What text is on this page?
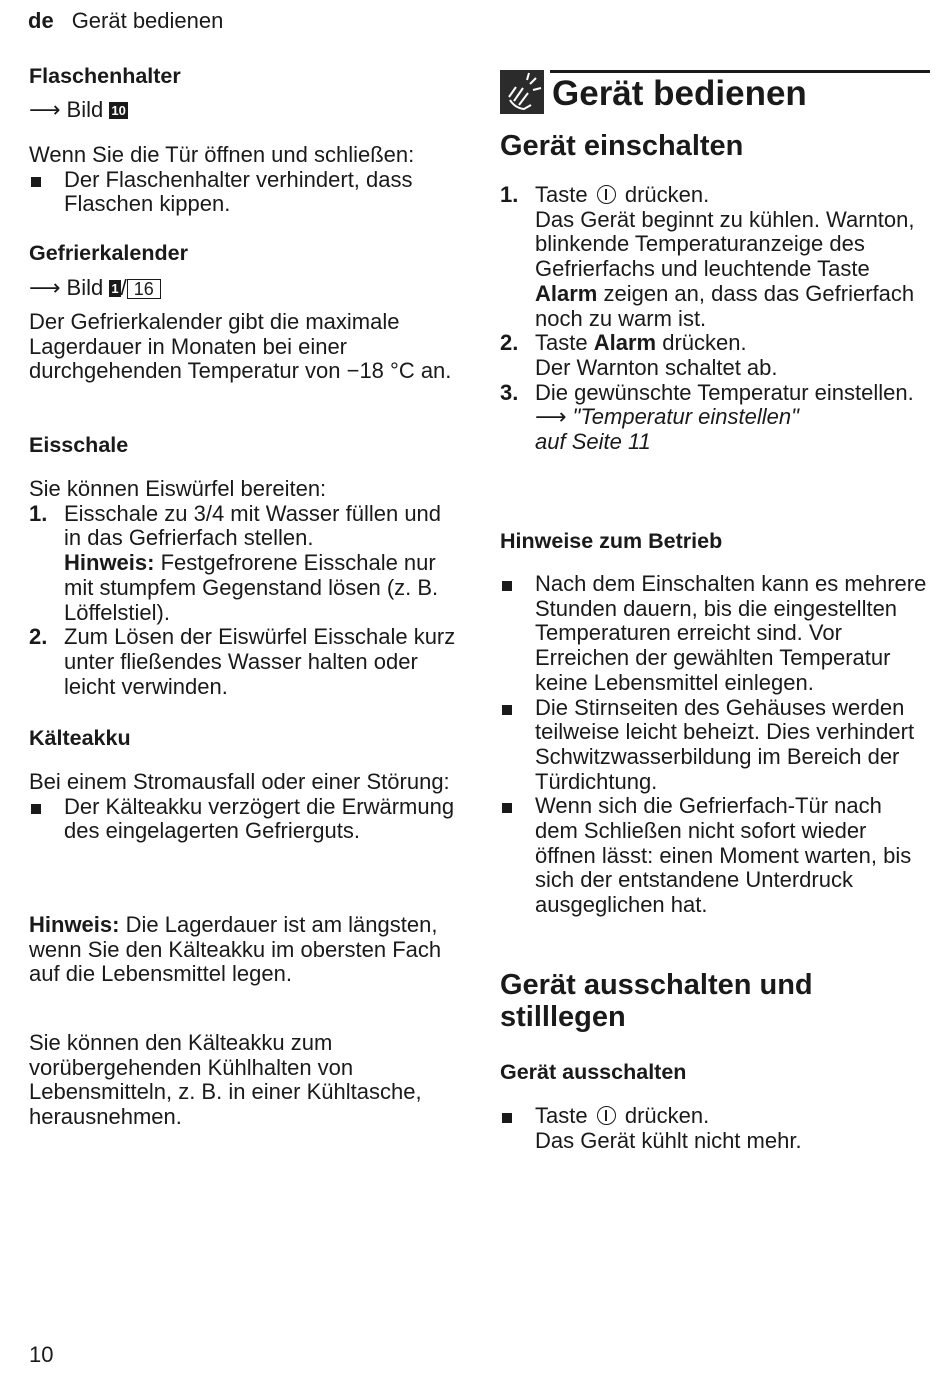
de Gerät bedienen
Flaschenhalter
⟶ Bild 10

Wenn Sie die Tür öffnen und schließen:

Der Flaschenhalter verhindert, dass Flaschen kippen.

Gefrierkalender
⟶ Bild 1/ 16

Der Gefrierkalender gibt die maximale Lagerdauer in Monaten bei einer durchgehenden Temperatur von −18 °C an.

Eisschale

Sie können Eiswürfel bereiten:

1. Eisschale zu 3/4 mit Wasser füllen und in das Gefrierfach stellen.
Hinweis: Festgefrorene Eisschale nur mit stumpfem Gegenstand lösen (z. B. Löffelstiel).
2. Zum Lösen der Eiswürfel Eisschale kurz unter fließendes Wasser halten oder leicht verwinden.
Kälteakku

Bei einem Stromausfall oder einer Störung:

Der Kälteakku verzögert die Erwärmung des eingelagerten Gefrierguts.

Hinweis: Die Lagerdauer ist am längsten, wenn Sie den Kälteakku im obersten Fach auf die Lebensmittel legen.

Sie können den Kälteakku zum vorübergehenden Kühlhalten von Lebensmitteln, z. B. in einer Kühltasche, herausnehmen.

Gerät bedienen
Gerät einschalten
1. Taste drücken.
Das Gerät beginnt zu kühlen. Warnton, blinkende Temperaturanzeige des Gefrierfachs und leuchtende Taste Alarm zeigen an, dass das Gefrierfach noch zu warm ist.
2. Taste Alarm drücken.
Der Warnton schaltet ab.
3. Die gewünschte Temperatur einstellen.
⟶ "Temperatur einstellen"
auf Seite 11
Hinweise zum Betrieb

Nach dem Einschalten kann es mehrere Stunden dauern, bis die eingestellten Temperaturen erreicht sind. Vor Erreichen der gewählten Temperatur keine Lebensmittel einlegen.

Die Stirnseiten des Gehäuses werden teilweise leicht beheizt. Dies verhindert Schwitzwasserbildung im Bereich der Türdichtung.

Wenn sich die Gefrierfach-Tür nach dem Schließen nicht sofort wieder öffnen lässt: einen Moment warten, bis sich der entstandene Unterdruck ausgeglichen hat.

Gerät ausschalten und stilllegen
Gerät ausschalten
Taste drücken.
Das Gerät kühlt nicht mehr.
10
